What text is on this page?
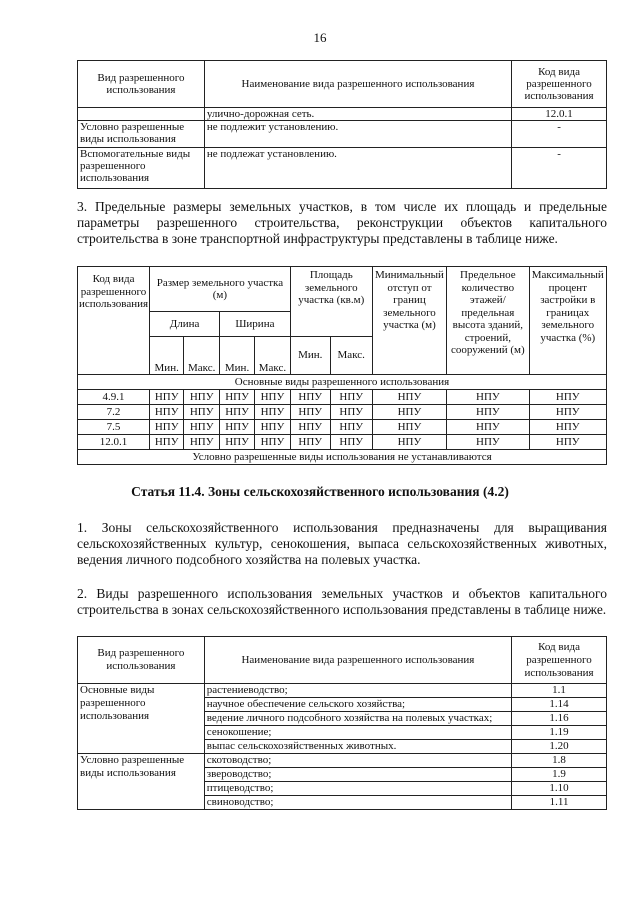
16
Вид разрешенного использования	Наименование вида разрешенного использования	Код вида разрешенного использования
	улично-дорожная сеть.	12.0.1
Условно разрешенные виды использования	не подлежит установлению.	-
Вспомогательные виды разрешенного использования	не подлежат установлению.	-
3. Предельные размеры земельных участков, в том числе их площадь и предельные параметры разрешенного строительства, реконструкции объектов капитального строительства в зоне транспортной инфраструктуры представлены в таблице ниже.
Код вида разрешенного использования	Размер земельного участка (м)				Площадь земельного участка (кв.м)		Минимальный отступ от границ земельного участка (м)	Предельное количество этажей/ предельная высота зданий, строений, сооружений (м)	Максимальный процент застройки в границах земельного участка (%)
	Длина		Ширина						
	Мин.	Макс.	Мин.	Макс.	Мин.	Макс.			
Основные виды разрешенного использования									
4.9.1	НПУ	НПУ	НПУ	НПУ	НПУ	НПУ	НПУ	НПУ	НПУ
7.2	НПУ	НПУ	НПУ	НПУ	НПУ	НПУ	НПУ	НПУ	НПУ
7.5	НПУ	НПУ	НПУ	НПУ	НПУ	НПУ	НПУ	НПУ	НПУ
12.0.1	НПУ	НПУ	НПУ	НПУ	НПУ	НПУ	НПУ	НПУ	НПУ
Условно разрешенные виды использования не устанавливаются									
Статья 11.4. Зоны сельскохозяйственного использования (4.2)
1. Зоны сельскохозяйственного использования предназначены для выращивания сельскохозяйственных культур, сенокошения, выпаса сельскохозяйственных животных, ведения личного подсобного хозяйства на полевых участка.
2. Виды разрешенного использования земельных участков и объектов капитального строительства в зонах сельскохозяйственного использования представлены в таблице ниже.
Вид разрешенного использования	Наименование вида разрешенного использования	Код вида разрешенного использования
Основные виды разрешенного использования	растениеводство;	1.1
	научное обеспечение сельского хозяйства;	1.14
	ведение личного подсобного хозяйства на полевых участках;	1.16
	сенокошение;	1.19
	выпас сельскохозяйственных животных.	1.20
Условно разрешенные виды использования	скотоводство;	1.8
	звероводство;	1.9
	птицеводство;	1.10
	свиноводство;	1.11
